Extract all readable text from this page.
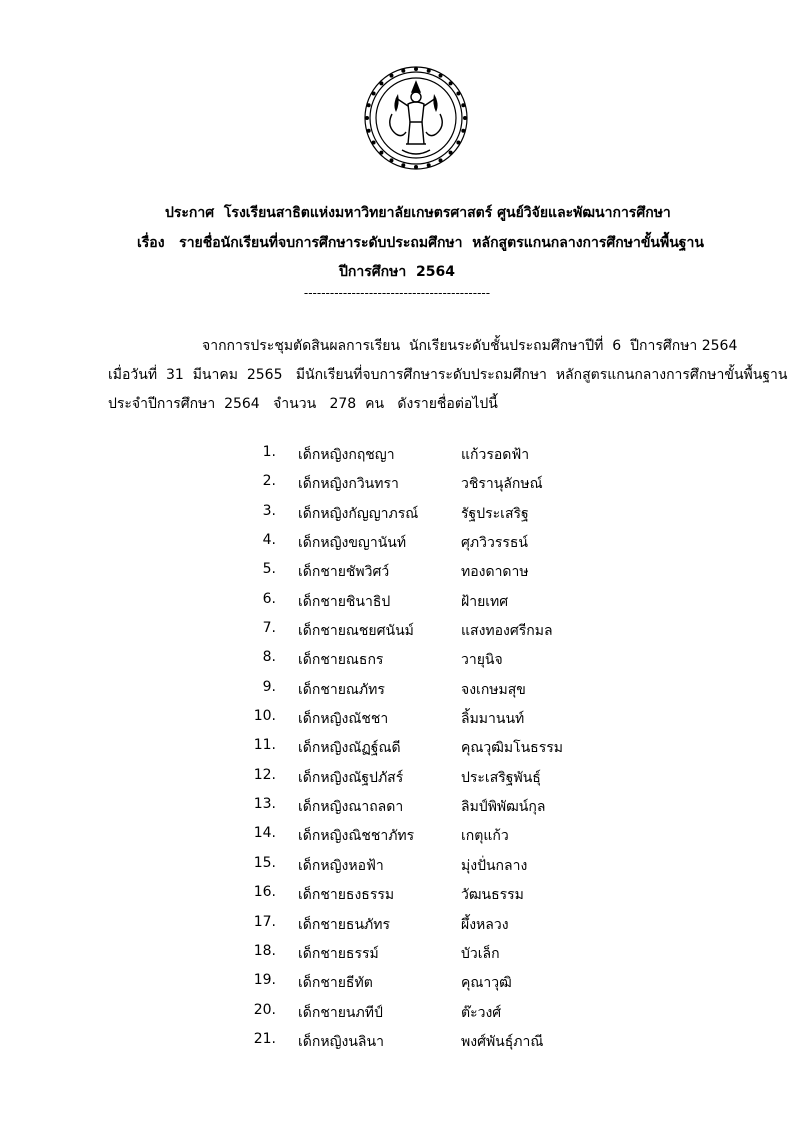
ประกาศ  โรงเรียนสาธิตแห่งมหาวิทยาลัยเกษตรศาสตร์ ศูนย์วิจัยและพัฒนาการศึกษา
เรื่อง   รายชื่อนักเรียนที่จบการศึกษาระดับประถมศึกษา  หลักสูตรแกนกลางการศึกษาขั้นพื้นฐาน
ปีการศึกษา  2564
-------------------------------------------
จากการประชุมตัดสินผลการเรียน  นักเรียนระดับชั้นประถมศึกษาปีที่  6  ปีการศึกษา 2564
เมื่อวันที่  31  มีนาคม  2565   มีนักเรียนที่จบการศึกษาระดับประถมศึกษา  หลักสูตรแกนกลางการศึกษาขั้นพื้นฐาน
ประจำปีการศึกษา  2564   จำนวน   278  คน   ดังรายชื่อต่อไปนี้
1. เด็กหญิงกฤชญา	แก้วรอดฟ้า
2. เด็กหญิงกวินทรา	วชิรานุลักษณ์
3. เด็กหญิงกัญญาภรณ์	รัฐประเสริฐ
4. เด็กหญิงขญานันท์	ศุภวิวรรธน์
5. เด็กชายชัพวิศว์	ทองดาดาษ
6. เด็กชายชินาธิป	ฝ้ายเทศ
7. เด็กชายณชยศนันม์	แสงทองศรีกมล
8. เด็กชายณธกร	วายุนิจ
9. เด็กชายณภัทร	จงเกษมสุข
10. เด็กหญิงณัชชา	ลิ้มมานนท์
11. เด็กหญิงณัฏฐ์ณดี	คุณวุฒิมโนธรรม
12. เด็กหญิงณัฐปภัสร์	ประเสริฐพันธุ์
13. เด็กหญิงณาถลดา	ลิมป์พิพัฒน์กุล
14. เด็กหญิงณิชชาภัทร	เกตุแก้ว
15. เด็กหญิงหอฟ้า	มุ่งปั่นกลาง
16. เด็กชายธงธรรม	วัฒนธรรม
17. เด็กชายธนภัทร	ผึ้งหลวง
18. เด็กชายธรรม์	บัวเล็ก
19. เด็กชายธีทัต	คุณาวุฒิ
20. เด็กชายนภทีป์	ต๊ะวงศ์
21. เด็กหญิงนลินา	พงศ์พันธุ์ภาณี
